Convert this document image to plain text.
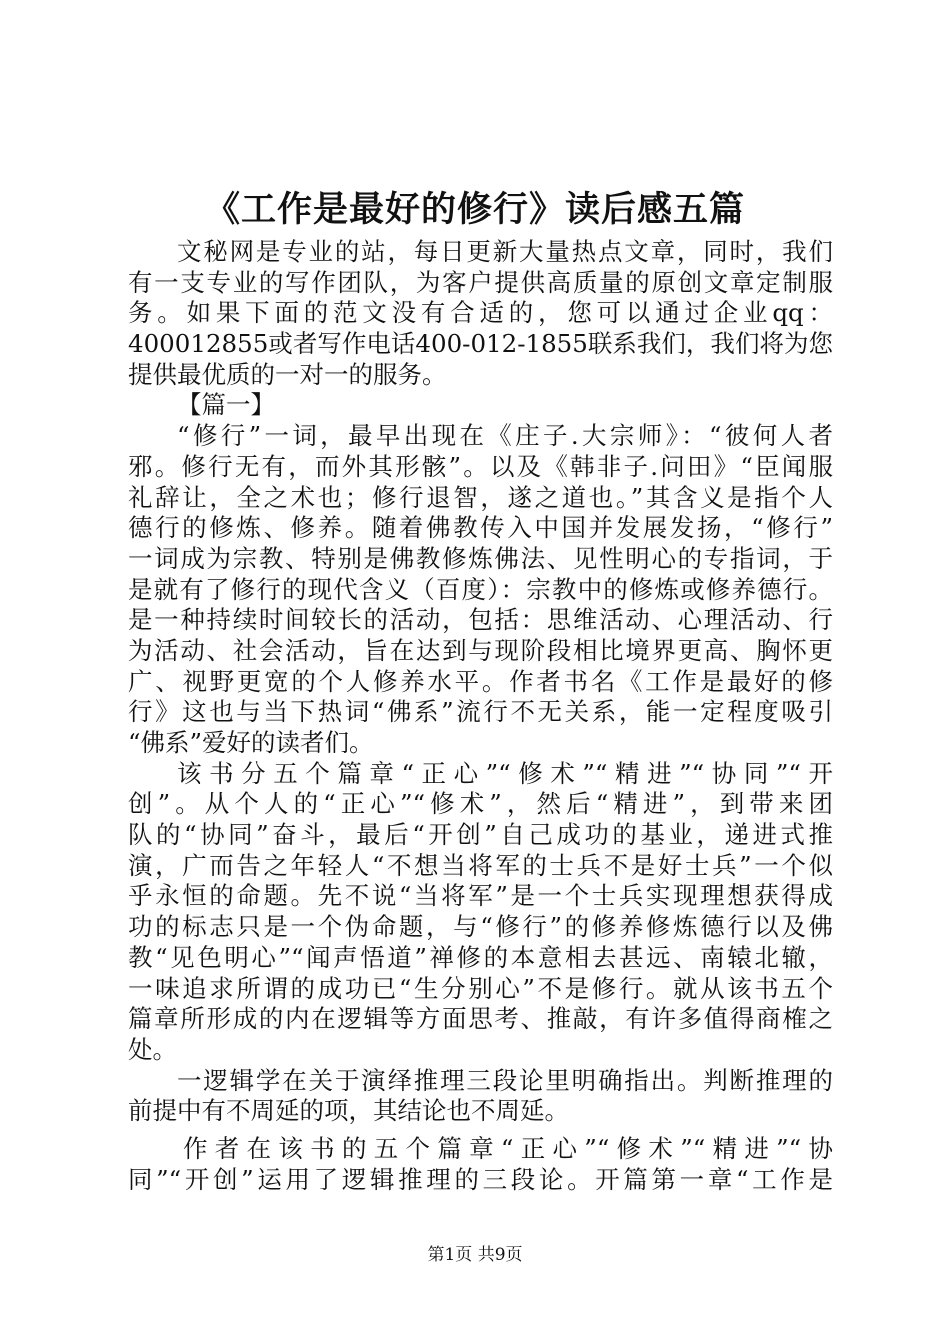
《工作是最好的修行》读后感五篇
文秘网是专业的站，每日更新大量热点文章，同时，我们
有一支专业的写作团队，为客户提供高质量的原创文章定制服
务。如果下面的范文没有合适的，您可以通过企业qq：
400012855或者写作电话400-012-1855联系我们，我们将为您
提供最优质的一对一的服务。
【篇一】
“修行”一词，最早出现在《庄子.大宗师》：“彼何人者
邪。修行无有，而外其形骸”。以及《韩非子.问田》“臣闻服
礼辞让，全之术也；修行退智，遂之道也。”其含义是指个人
德行的修炼、修养。随着佛教传入中国并发展发扬，“修行”
一词成为宗教、特别是佛教修炼佛法、见性明心的专指词，于
是就有了修行的现代含义（百度）：宗教中的修炼或修养德行。
是一种持续时间较长的活动，包括：思维活动、心理活动、行
为活动、社会活动，旨在达到与现阶段相比境界更高、胸怀更
广、视野更宽的个人修养水平。作者书名《工作是最好的修
行》这也与当下热词“佛系”流行不无关系，能一定程度吸引
“佛系”爱好的读者们。
该书分五个篇章“正心”“修术”“精进”“协同”“开
创”。从个人的“正心”“修术”，然后“精进”，到带来团
队的“协同”奋斗，最后“开创”自己成功的基业，递进式推
演，广而告之年轻人“不想当将军的士兵不是好士兵”一个似
乎永恒的命题。先不说“当将军”是一个士兵实现理想获得成
功的标志只是一个伪命题，与“修行”的修养修炼德行以及佛
教“见色明心”“闻声悟道”禅修的本意相去甚远、南辕北辙，
一味追求所谓的成功已“生分别心”不是修行。就从该书五个
篇章所形成的内在逻辑等方面思考、推敲，有许多值得商榷之
处。
一逻辑学在关于演绎推理三段论里明确指出。判断推理的
前提中有不周延的项，其结论也不周延。
作者在该书的五个篇章“正心”“修术”“精进”“协
同”“开创”运用了逻辑推理的三段论。开篇第一章“工作是
第1页 共9页
